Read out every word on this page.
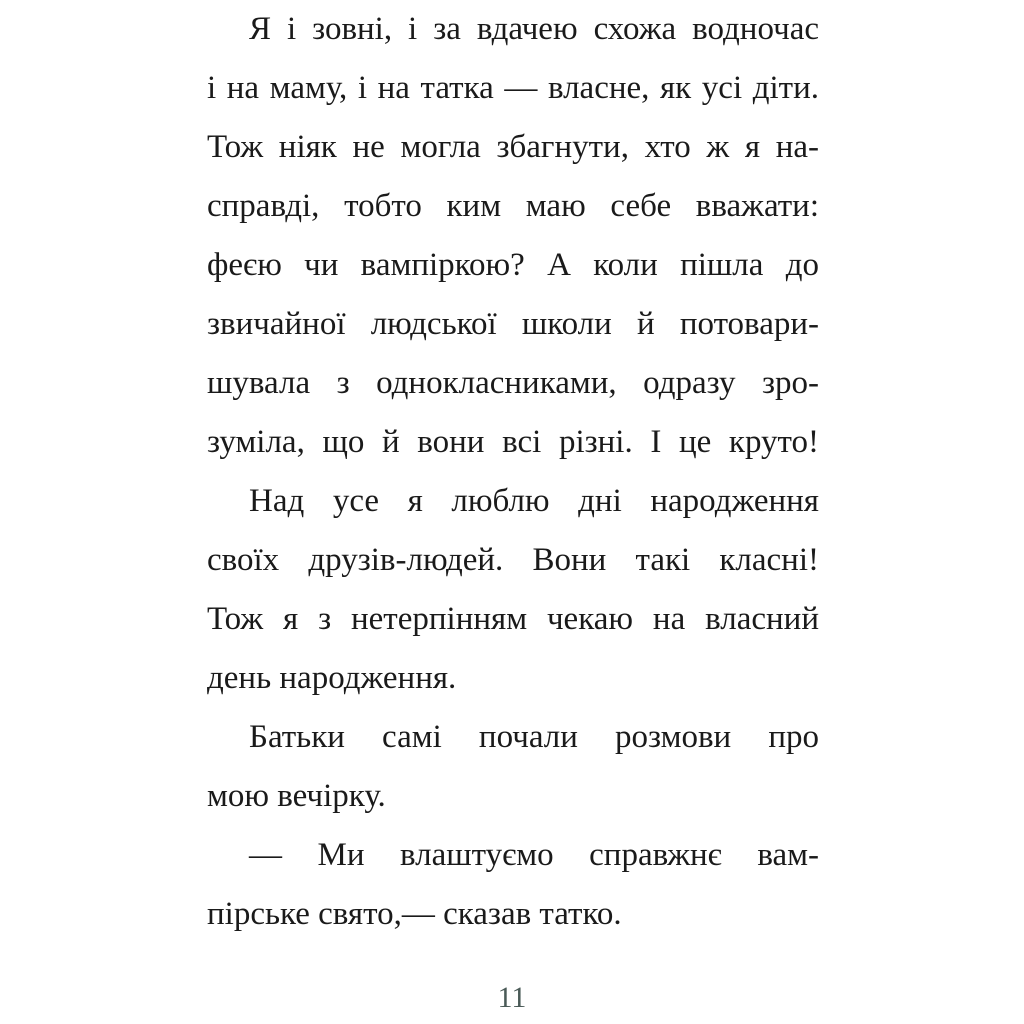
Я і зовні, і за вдачею схожа водночас
і на маму, і на татка — власне, як усі діти.
Тож ніяк не могла збагнути, хто ж я на-
справді, тобто ким маю себе вважати:
феєю чи вампіркою? А коли пішла до
звичайної людської школи й потовари-
шувала з однокласниками, одразу зро-
зуміла, що й вони всі різні. І це круто!
Над усе я люблю дні народження
своїх друзів-людей. Вони такі класні!
Тож я з нетерпінням чекаю на власний
день народження.
Батьки самі почали розмови про
мою вечірку.
— Ми влаштуємо справжнє вам-
пірське свято,— сказав татко.
11
